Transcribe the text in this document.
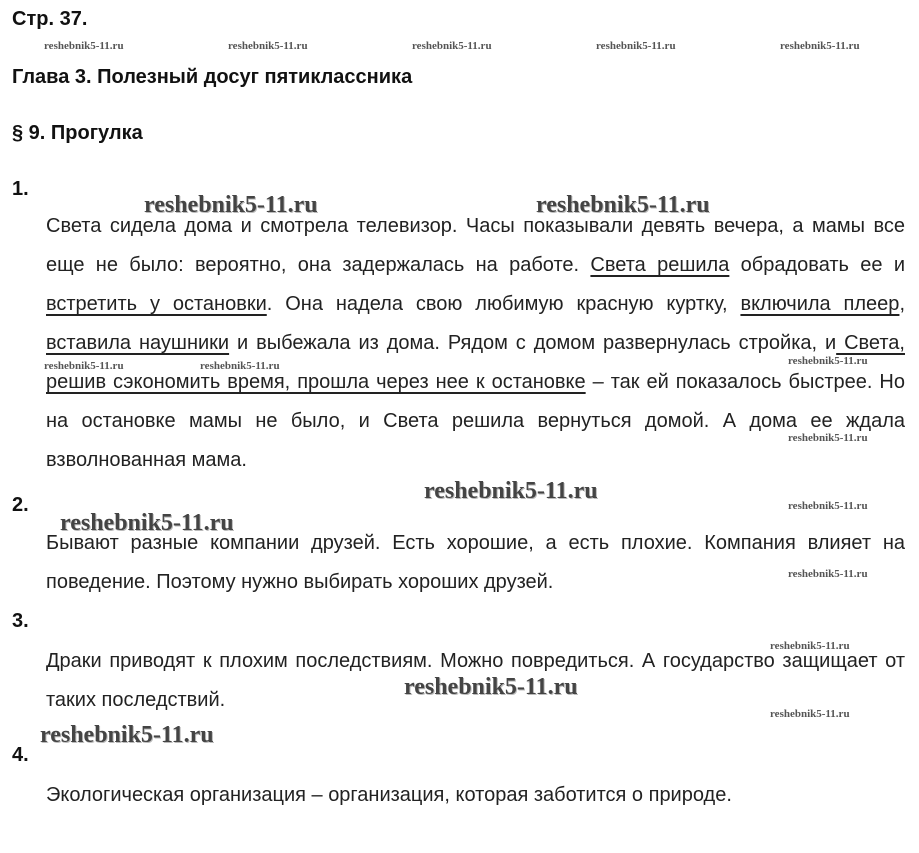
Стр. 37.
Глава 3. Полезный досуг пятиклассника
§ 9. Прогулка
reshebnik5-11.ru	reshebnik5-11.ru	reshebnik5-11.ru	reshebnik5-11.ru	reshebnik5-11.ru
1.
Света сидела дома и смотрела телевизор. Часы показывали девять вечера, а мамы все еще не было: вероятно, она задержалась на работе. Света решила обрадовать ее и встретить у остановки. Она надела свою любимую красную куртку, включила плеер, вставила наушники и выбежала из дома. Рядом с домом развернулась стройка, и Света, решив сэкономить время, прошла через нее к остановке – так ей показалось быстрее. Но на остановке мамы не было, и Света решила вернуться домой. А дома ее ждала взволнованная мама.
2.
Бывают разные компании друзей. Есть хорошие, а есть плохие. Компания влияет на поведение. Поэтому нужно выбирать хороших друзей.
3.
Драки приводят к плохим последствиям. Можно повредиться. А государство защищает от таких последствий.
4.
Экологическая организация – организация, которая заботится о природе.
reshebnik5-11.ru	reshebnik5-11.ru
reshebnik5-11.ru
reshebnik5-11.ru
reshebnik5-11.ru
reshebnik5-11.ru
reshebnik5-11.ru	reshebnik5-11.ru	reshebnik5-11.ru
reshebnik5-11.ru
reshebnik5-11.ru
reshebnik5-11.ru
reshebnik5-11.ru
reshebnik5-11.ru
